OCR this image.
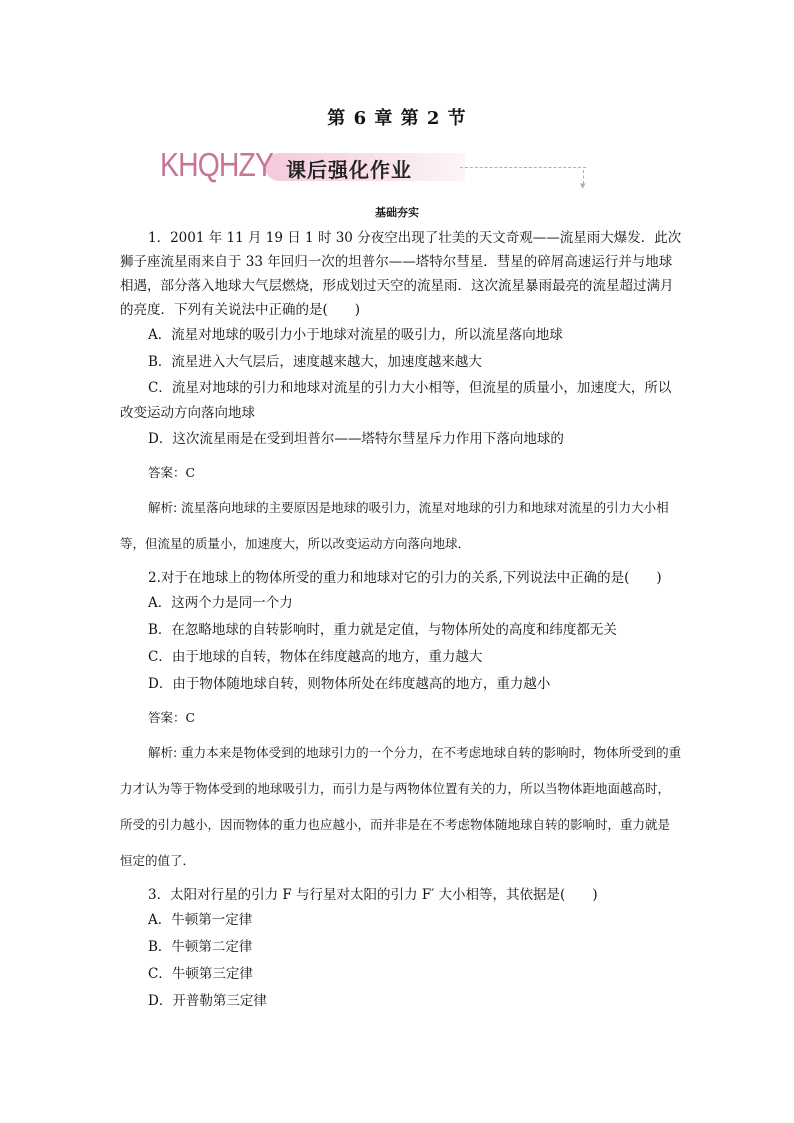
第 6 章 第 2 节
KHQHZY 课后强化作业
▼
基础夯实

1．2001 年 11 月 19 日 1 时 30 分夜空出现了壮美的天文奇观——流星雨大爆发．此次狮子座流星雨来自于 33 年回归一次的坦普尔——塔特尔彗星．彗星的碎屑高速运行并与地球相遇，部分落入地球大气层燃烧，形成划过天空的流星雨．这次流星暴雨最亮的流星超过满月的亮度．下列有关说法中正确的是(　　)

A．流星对地球的吸引力小于地球对流星的吸引力，所以流星落向地球

B．流星进入大气层后，速度越来越大，加速度越来越大

C．流星对地球的引力和地球对流星的引力大小相等，但流星的质量小，加速度大，所以改变运动方向落向地球

D．这次流星雨是在受到坦普尔——塔特尔彗星斥力作用下落向地球的

答案：C

解析: 流星落向地球的主要原因是地球的吸引力，流星对地球的引力和地球对流星的引力大小相等，但流星的质量小，加速度大，所以改变运动方向落向地球．

2.对于在地球上的物体所受的重力和地球对它的引力的关系,下列说法中正确的是(　　)

A．这两个力是同一个力

B．在忽略地球的自转影响时，重力就是定值，与物体所处的高度和纬度都无关

C．由于地球的自转，物体在纬度越高的地方，重力越大

D．由于物体随地球自转，则物体所处在纬度越高的地方，重力越小

答案：C

解析: 重力本来是物体受到的地球引力的一个分力，在不考虑地球自转的影响时，物体所受到的重力才认为等于物体受到的地球吸引力，而引力是与两物体位置有关的力，所以当物体距地面越高时，所受的引力越小，因而物体的重力也应越小，而并非是在不考虑物体随地球自转的影响时，重力就是恒定的值了．

3．太阳对行星的引力 F 与行星对太阳的引力 F′ 大小相等，其依据是(　　)

A．牛顿第一定律

B．牛顿第二定律

C．牛顿第三定律

D．开普勒第三定律
